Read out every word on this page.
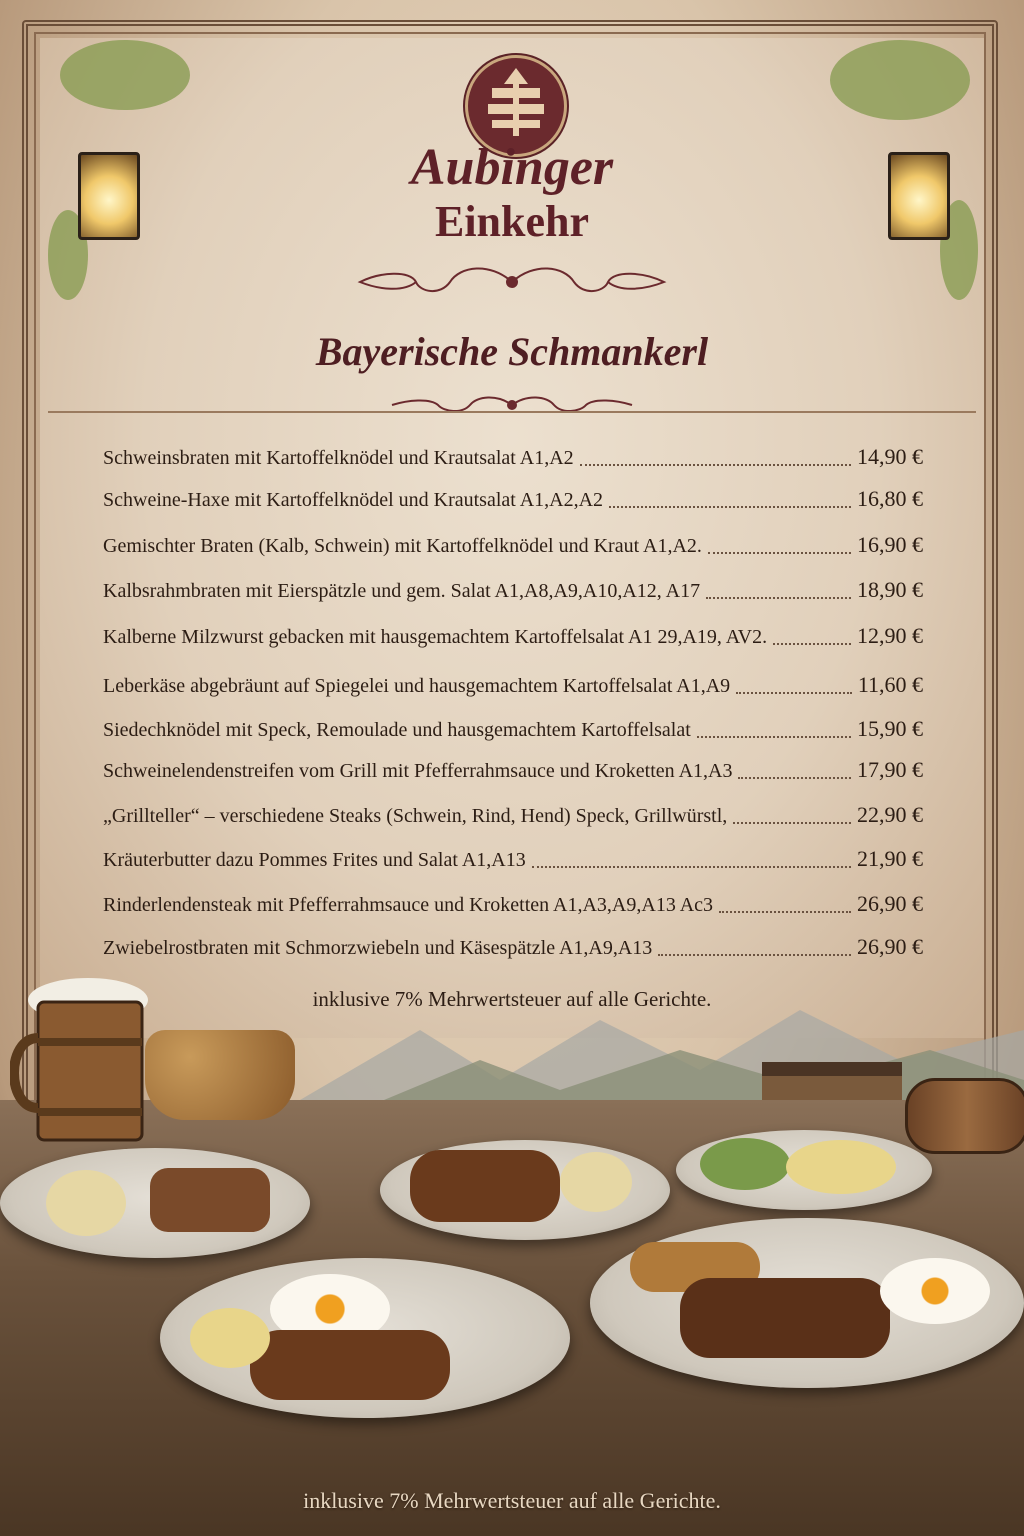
Aubinger
Einkehr
Bayerische Schmankerl
Schweinsbraten mit Kartoffelknödel und Krautsalat A1,A2	14,90 €
Schweine-Haxe mit Kartoffelknödel und Krautsalat A1,A2,A2	16,80 €
Gemischter Braten (Kalb, Schwein) mit Kartoffelknödel und Kraut A1,A2.	16,90 €
Kalbsrahmbraten mit Eierspätzle und gem. Salat A1,A8,A9,A10,A12, A17	18,90 €
Kalberne Milzwurst gebacken mit hausgemachtem Kartoffelsalat A1 29,A19, AV2.	12,90 €
Leberkäse abgebräunt auf Spiegelei und hausgemachtem Kartoffelsalat A1,A9	11,60 €
Siedechknödel mit Speck, Remoulade und hausgemachtem Kartoffelsalat	15,90 €
Schweinelendenstreifen vom Grill mit Pfefferrahmsauce und Kroketten A1,A3	17,90 €
„Grillteller“ – verschiedene Steaks (Schwein, Rind, Hend) Speck, Grillwürstl,	22,90 €
Kräuterbutter dazu Pommes Frites und Salat A1,A13	21,90 €
Rinderlendensteak mit Pfefferrahmsauce und Kroketten A1,A3,A9,A13 Ac3	26,90 €
Zwiebelrostbraten mit Schmorzwiebeln und Käsespätzle A1,A9,A13	26,90 €
inklusive 7% Mehrwertsteuer auf alle Gerichte.
inklusive 7% Mehrwertsteuer auf alle Gerichte.
